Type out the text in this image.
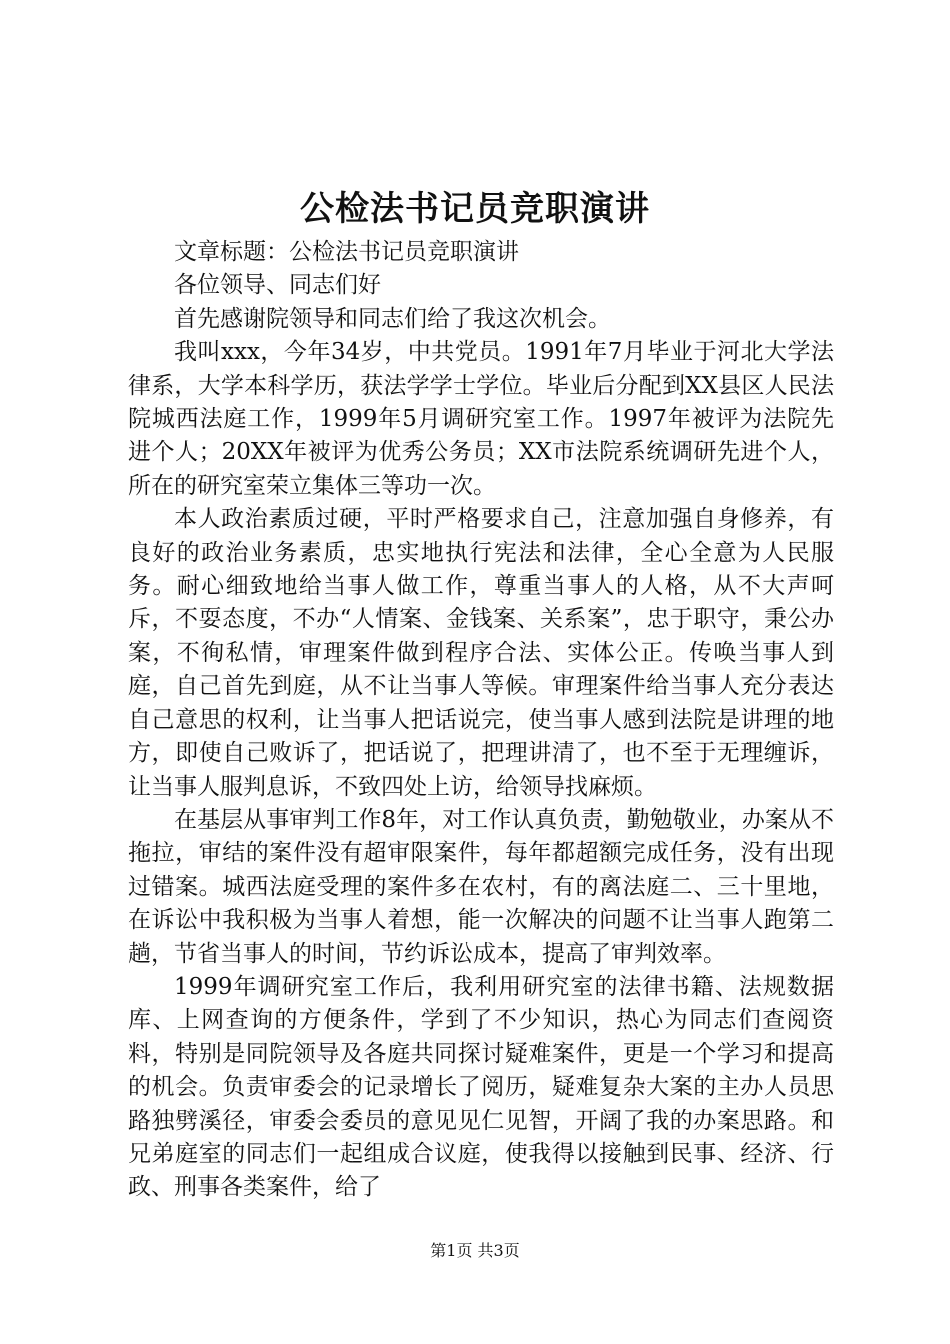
公检法书记员竞职演讲

文章标题：公检法书记员竞职演讲

各位领导、同志们好

首先感谢院领导和同志们给了我这次机会。

我叫xxx，今年34岁，中共党员。1991年7月毕业于河北大学法律系，大学本科学历，获法学学士学位。毕业后分配到XX县区人民法院城西法庭工作，1999年5月调研究室工作。1997年被评为法院先进个人；20XX年被评为优秀公务员；XX市法院系统调研先进个人，所在的研究室荣立集体三等功一次。

本人政治素质过硬，平时严格要求自己，注意加强自身修养，有良好的政治业务素质，忠实地执行宪法和法律，全心全意为人民服务。耐心细致地给当事人做工作，尊重当事人的人格，从不大声呵斥，不耍态度，不办“人情案、金钱案、关系案”，忠于职守，秉公办案，不徇私情，审理案件做到程序合法、实体公正。传唤当事人到庭，自己首先到庭，从不让当事人等候。审理案件给当事人充分表达自己意思的权利，让当事人把话说完，使当事人感到法院是讲理的地方，即使自己败诉了，把话说了，把理讲清了，也不至于无理缠诉，让当事人服判息诉，不致四处上访，给领导找麻烦。

在基层从事审判工作8年，对工作认真负责，勤勉敬业，办案从不拖拉，审结的案件没有超审限案件，每年都超额完成任务，没有出现过错案。城西法庭受理的案件多在农村，有的离法庭二、三十里地，在诉讼中我积极为当事人着想，能一次解决的问题不让当事人跑第二趟，节省当事人的时间，节约诉讼成本，提高了审判效率。

1999年调研究室工作后，我利用研究室的法律书籍、法规数据库、上网查询的方便条件，学到了不少知识，热心为同志们查阅资料，特别是同院领导及各庭共同探讨疑难案件，更是一个学习和提高的机会。负责审委会的记录增长了阅历，疑难复杂大案的主办人员思路独劈溪径，审委会委员的意见见仁见智，开阔了我的办案思路。和兄弟庭室的同志们一起组成合议庭，使我得以接触到民事、经济、行政、刑事各类案件，给了

第1页 共3页
